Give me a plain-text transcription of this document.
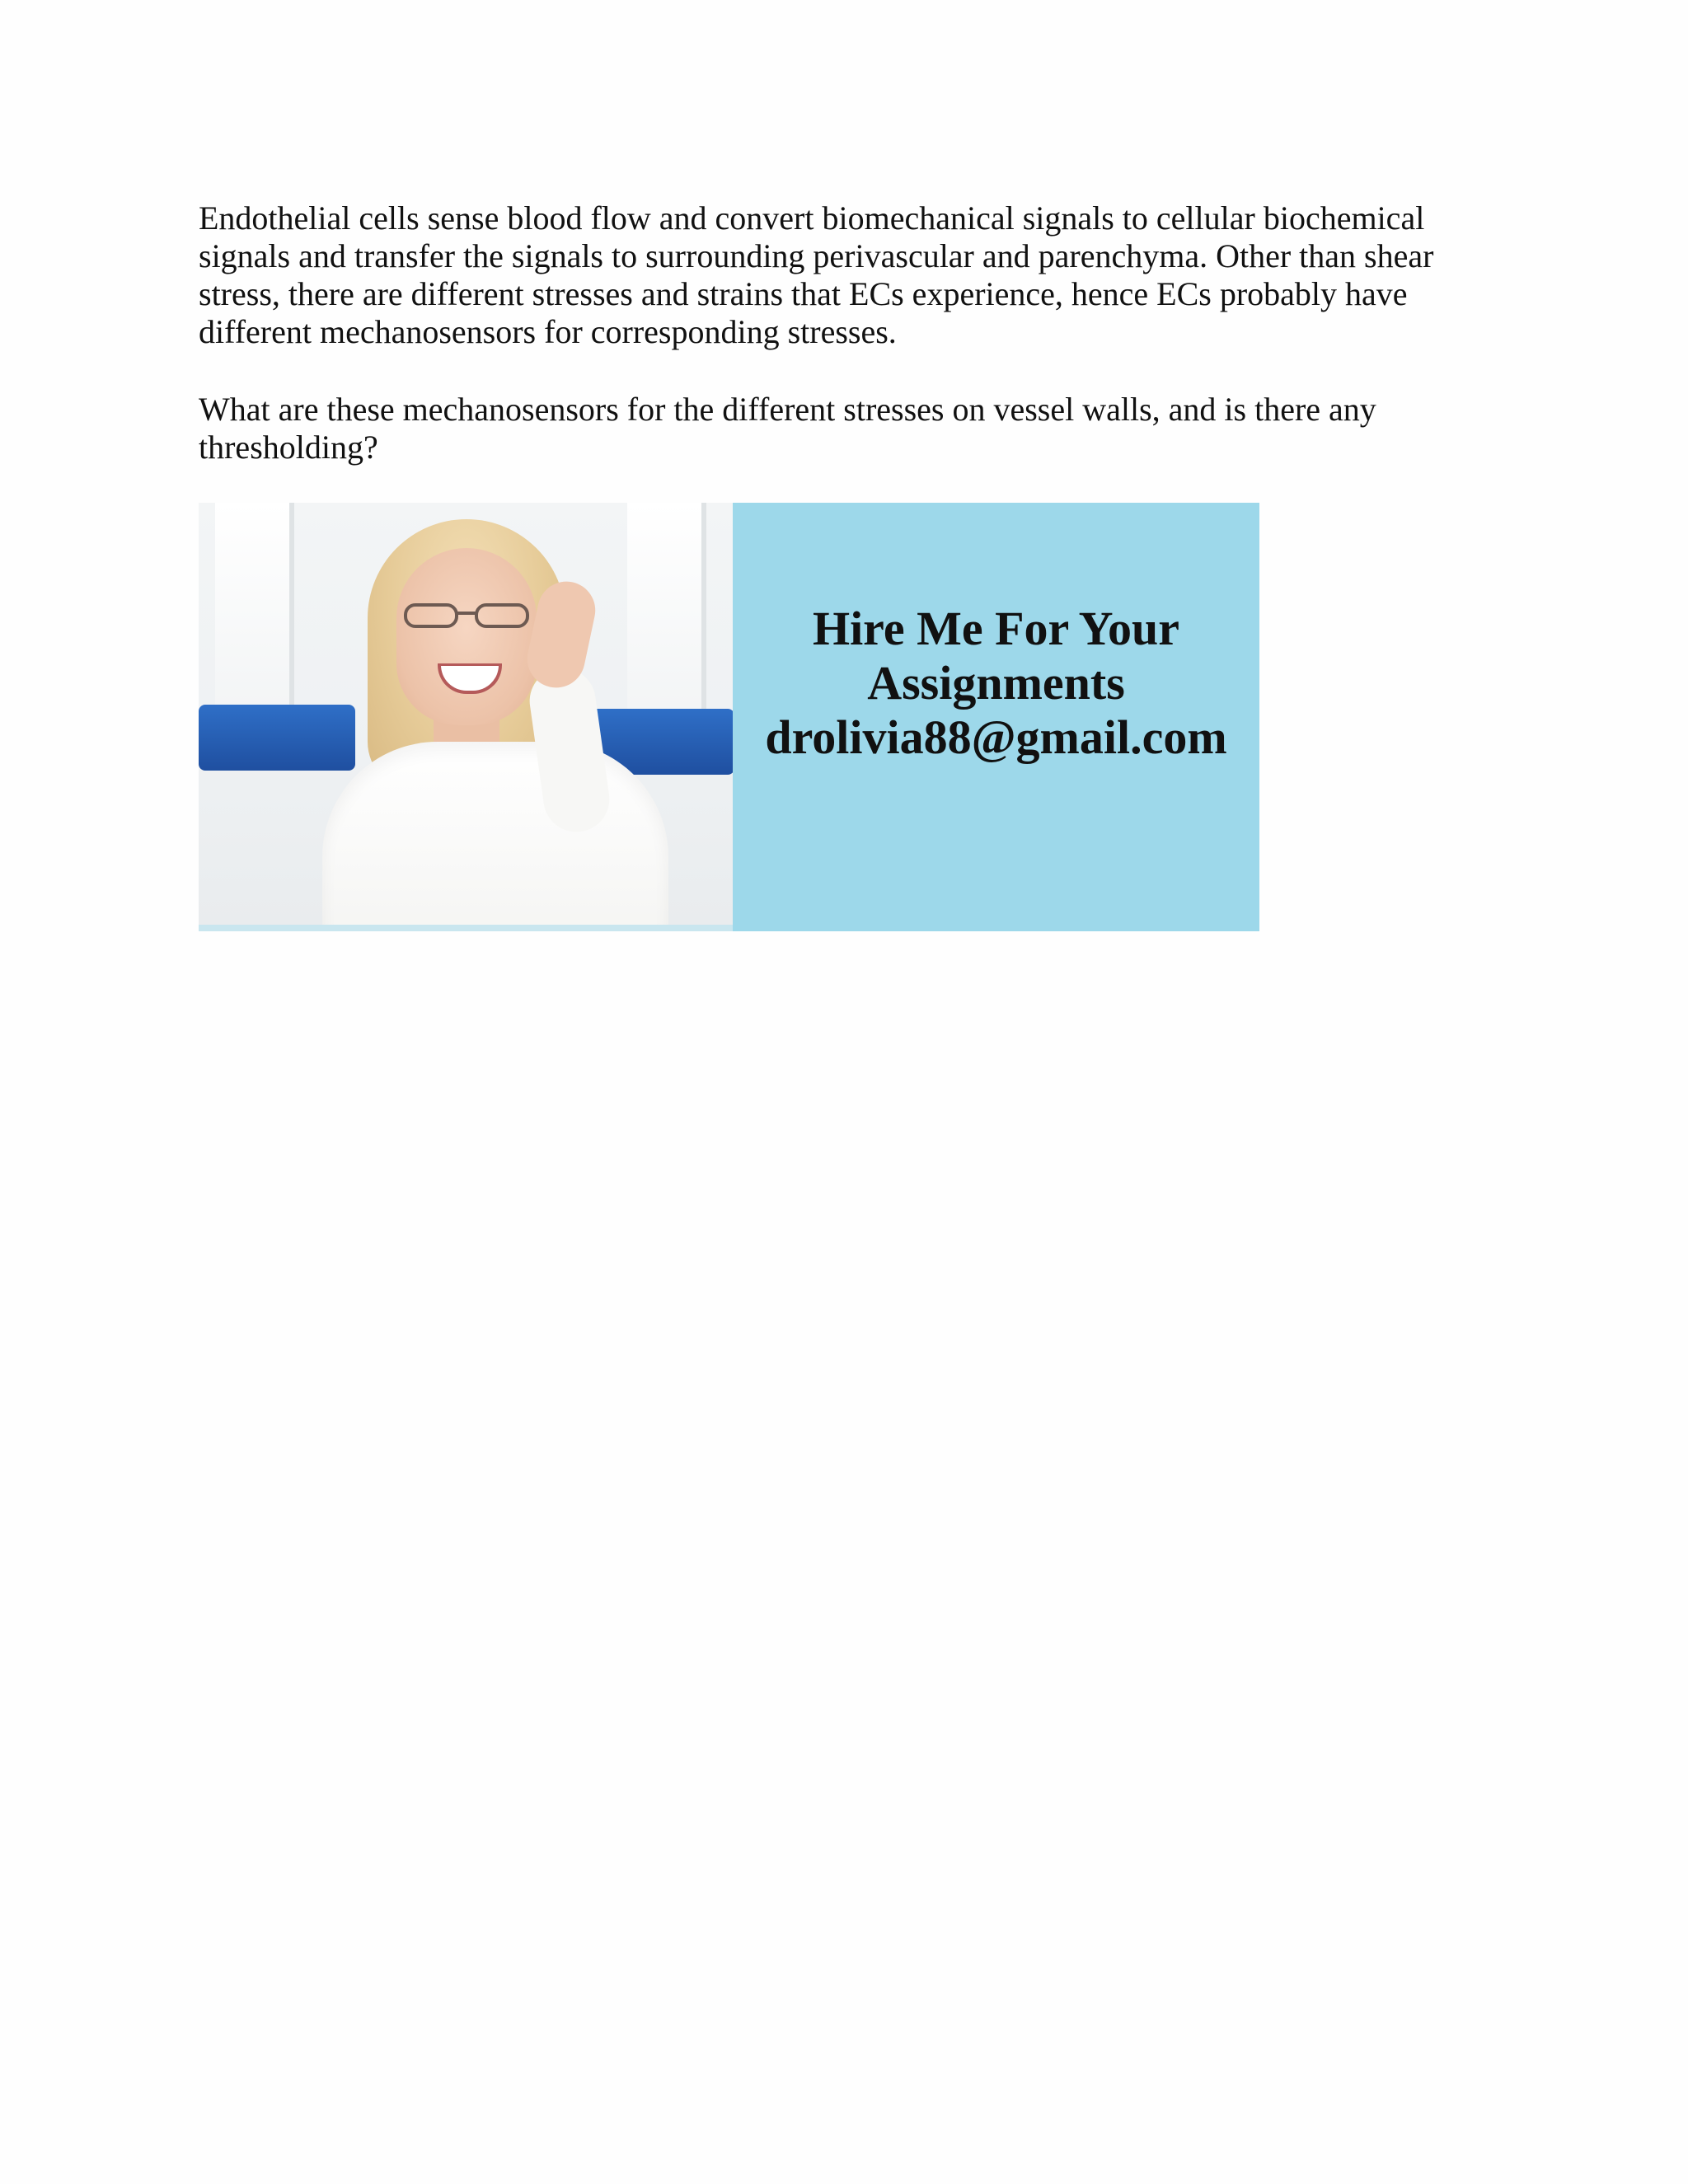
Endothelial cells sense blood flow and convert biomechanical signals to cellular biochemical signals and transfer the signals to surrounding perivascular and parenchyma. Other than shear stress, there are different stresses and strains that ECs experience, hence ECs probably have different mechanosensors for corresponding stresses.

What are these mechanosensors for the different stresses on vessel walls, and is there any thresholding?

Hire Me For Your
Assignments
drolivia88@gmail.com
